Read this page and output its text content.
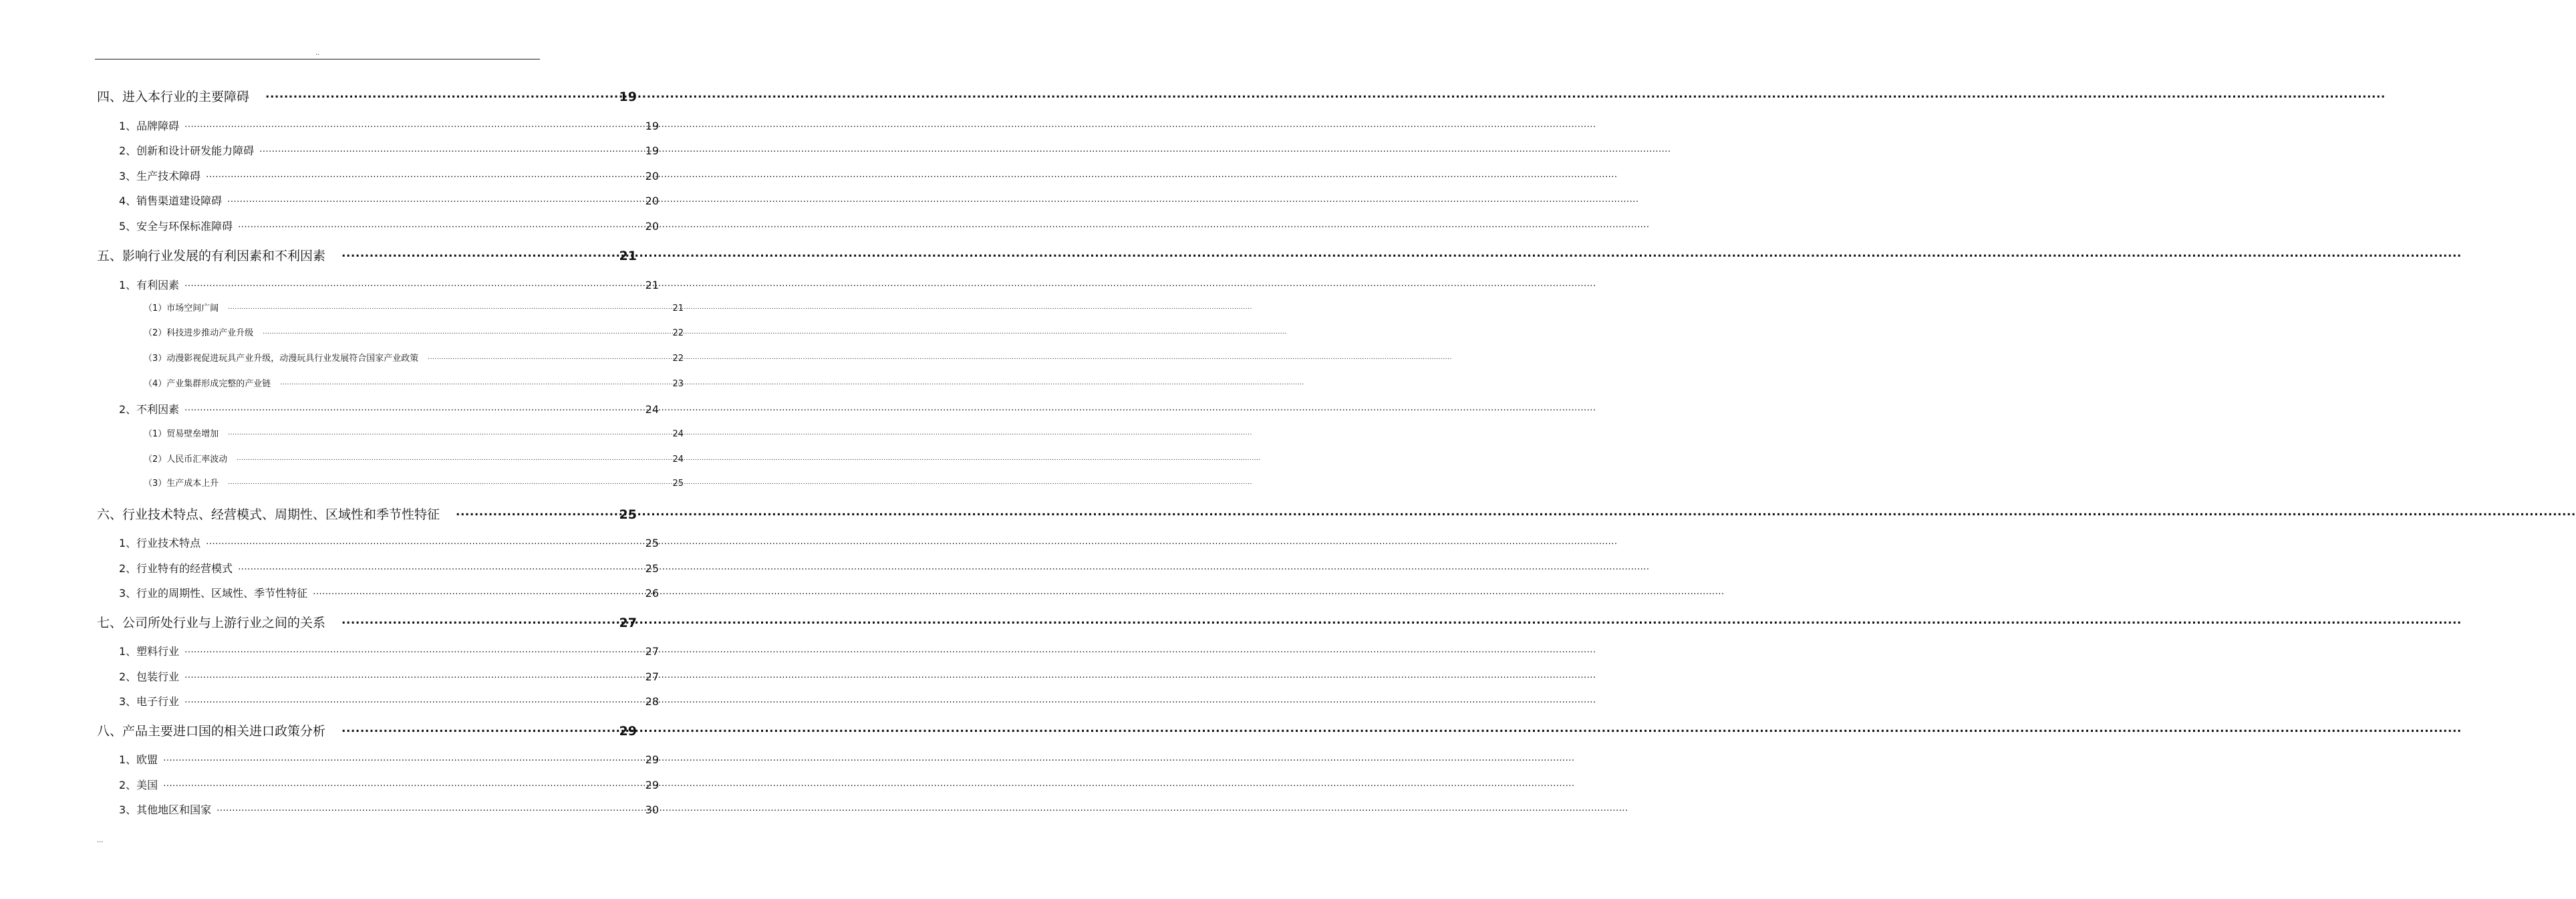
..
四、进入本行业的主要障碍 .....	19
1、品牌障碍 .....	19
2、创新和设计研发能力障碍 .....	19
3、生产技术障碍 .....	20
4、销售渠道建设障碍 .....	20
5、安全与环保标准障碍 .....	20
五、影响行业发展的有利因素和不利因素 .....	21
1、有利因素 .....	21
（1）市场空间广阔 .....	21
（2）科技进步推动产业升级 .....	22
（3）动漫影视促进玩具产业升级，动漫玩具行业发展符合国家产业政策 .....	22
（4）产业集群形成完整的产业链 .....	23
2、不利因素 .....	24
（1）贸易壁垒增加 .....	24
（2）人民币汇率波动 .....	24
（3）生产成本上升 .....	25
六、行业技术特点、经营模式、周期性、区域性和季节性特征 .....	25
1、行业技术特点 .....	25
2、行业特有的经营模式 .....	25
3、行业的周期性、区域性、季节性特征 .....	26
七、公司所处行业与上游行业之间的关系 .....	27
1、塑料行业 .....	27
2、包装行业 .....	27
3、电子行业 .....	28
八、产品主要进口国的相关进口政策分析 .....	29
1、欧盟 .....	29
2、美国 .....	29
3、其他地区和国家 .....	30
...
